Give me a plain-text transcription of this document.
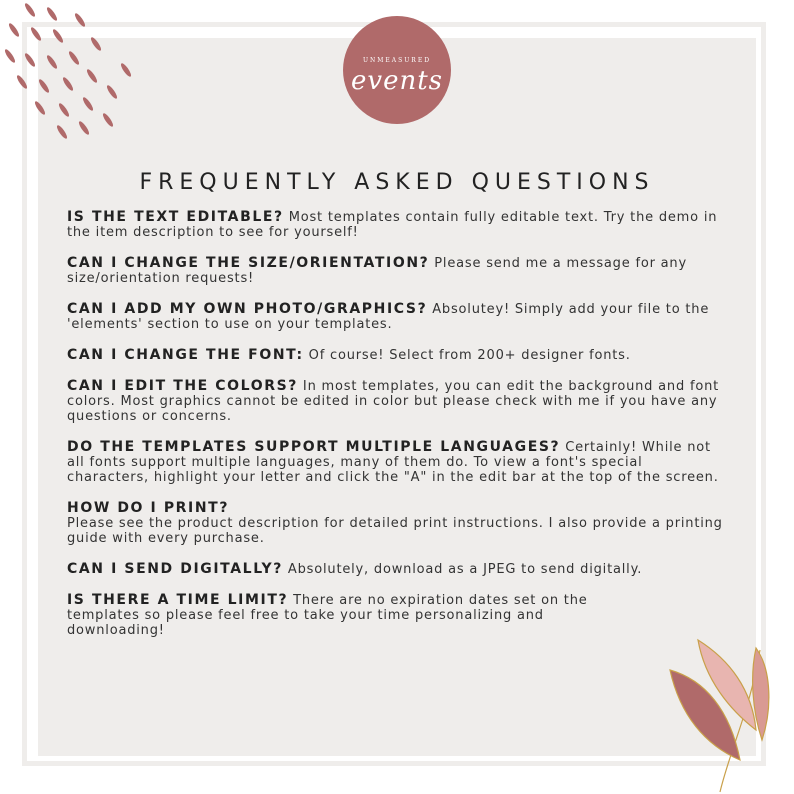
UNMEASURED
events
FREQUENTLY ASKED QUESTIONS
IS THE TEXT EDITABLE? Most templates contain fully editable text. Try the demo in the item description to see for yourself!
CAN I CHANGE THE SIZE/ORIENTATION? Please send me a message for any size/orientation requests!
CAN I ADD MY OWN PHOTO/GRAPHICS? Absolutey! Simply add your file to the 'elements' section to use on your templates.
CAN I CHANGE THE FONT: Of course! Select from 200+ designer fonts.
CAN I EDIT THE COLORS? In most templates, you can edit the background and font colors. Most graphics cannot be edited in color but please check with me if you have any questions or concerns.
DO THE TEMPLATES SUPPORT MULTIPLE LANGUAGES? Certainly! While not all fonts support multiple languages, many of them do. To view a font's special characters, highlight your letter and click the "A" in the edit bar at the top of the screen.
HOW DO I PRINT?
Please see the product description for detailed print instructions. I also provide a printing guide with every purchase.
CAN I SEND DIGITALLY? Absolutely, download as a JPEG to send digitally.
IS THERE A TIME LIMIT? There are no expiration dates set on the templates so please feel free to take your time personalizing and downloading!
